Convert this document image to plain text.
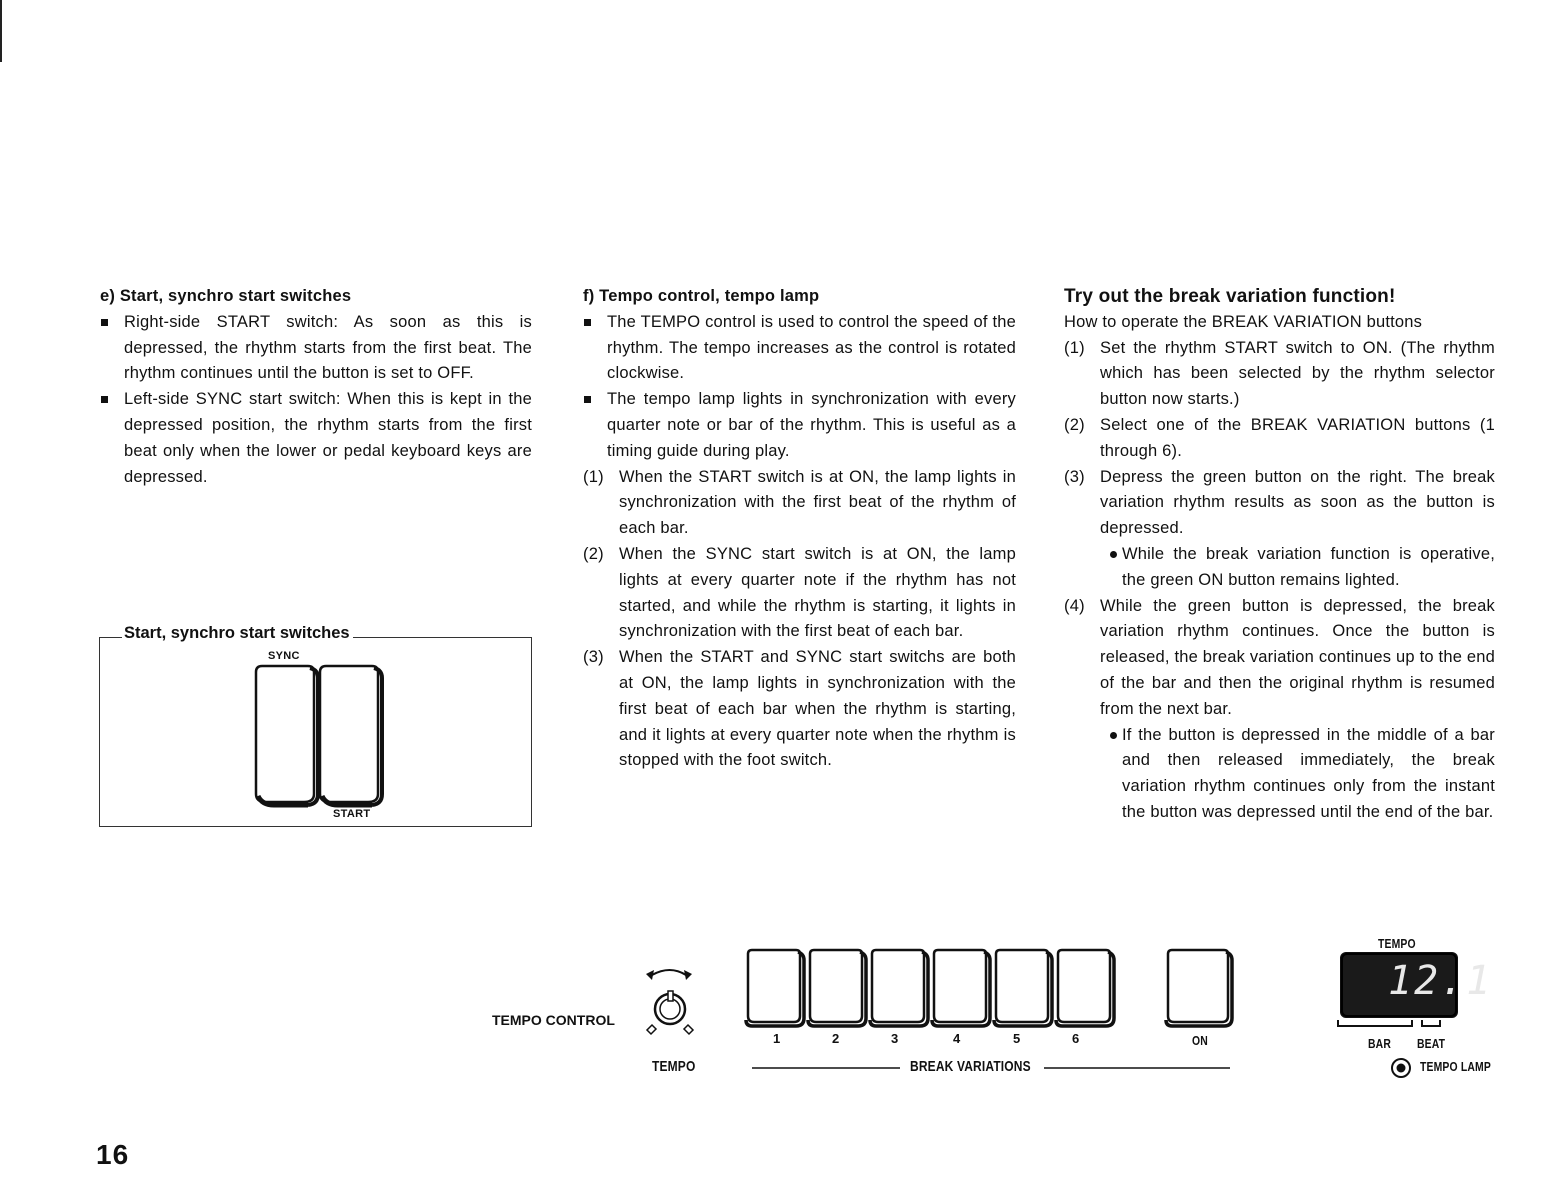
e) Start, synchro start switches

Right-side START switch: As soon as this is depressed, the rhythm starts from the first beat. The rhythm continues until the button is set to OFF.

Left-side SYNC start switch: When this is kept in the depressed position, the rhythm starts from the first beat only when the lower or pedal keyboard keys are depressed.

Start, synchro start switches
SYNC
START

f) Tempo control, tempo lamp

The TEMPO control is used to control the speed of the rhythm. The tempo increases as the control is rotated clockwise.

The tempo lamp lights in synchronization with every quarter note or bar of the rhythm. This is useful as a timing guide during play.

(1) When the START switch is at ON, the lamp lights in synchronization with the first beat of the rhythm of each bar.

(2) When the SYNC start switch is at ON, the lamp lights at every quarter note if the rhythm has not started, and while the rhythm is starting, it lights in synchronization with the first beat of each bar.

(3) When the START and SYNC start switchs are both at ON, the lamp lights in synchronization with the first beat of each bar when the rhythm is starting, and it lights at every quarter note when the rhythm is stopped with the foot switch.

Try out the break variation function!

How to operate the BREAK VARIATION buttons

(1) Set the rhythm START switch to ON. (The rhythm which has been selected by the rhythm selector button now starts.)

(2) Select one of the BREAK VARIATION buttons (1 through 6).

(3) Depress the green button on the right. The break variation rhythm results as soon as the button is depressed.

While the break variation function is operative, the green ON button remains lighted.

(4) While the green button is depressed, the break variation rhythm continues. Once the button is released, the break variation continues up to the end of the bar and then the original rhythm is resumed from the next bar.

If the button is depressed in the middle of a bar and then released immediately, the break variation rhythm continues only from the instant the button was depressed until the end of the bar.

TEMPO CONTROL
12.1
1	2	3	4	5	6	ON
TEMPO	BREAK VARIATIONS
TEMPO
BAR BEAT
TEMPO LAMP
16
